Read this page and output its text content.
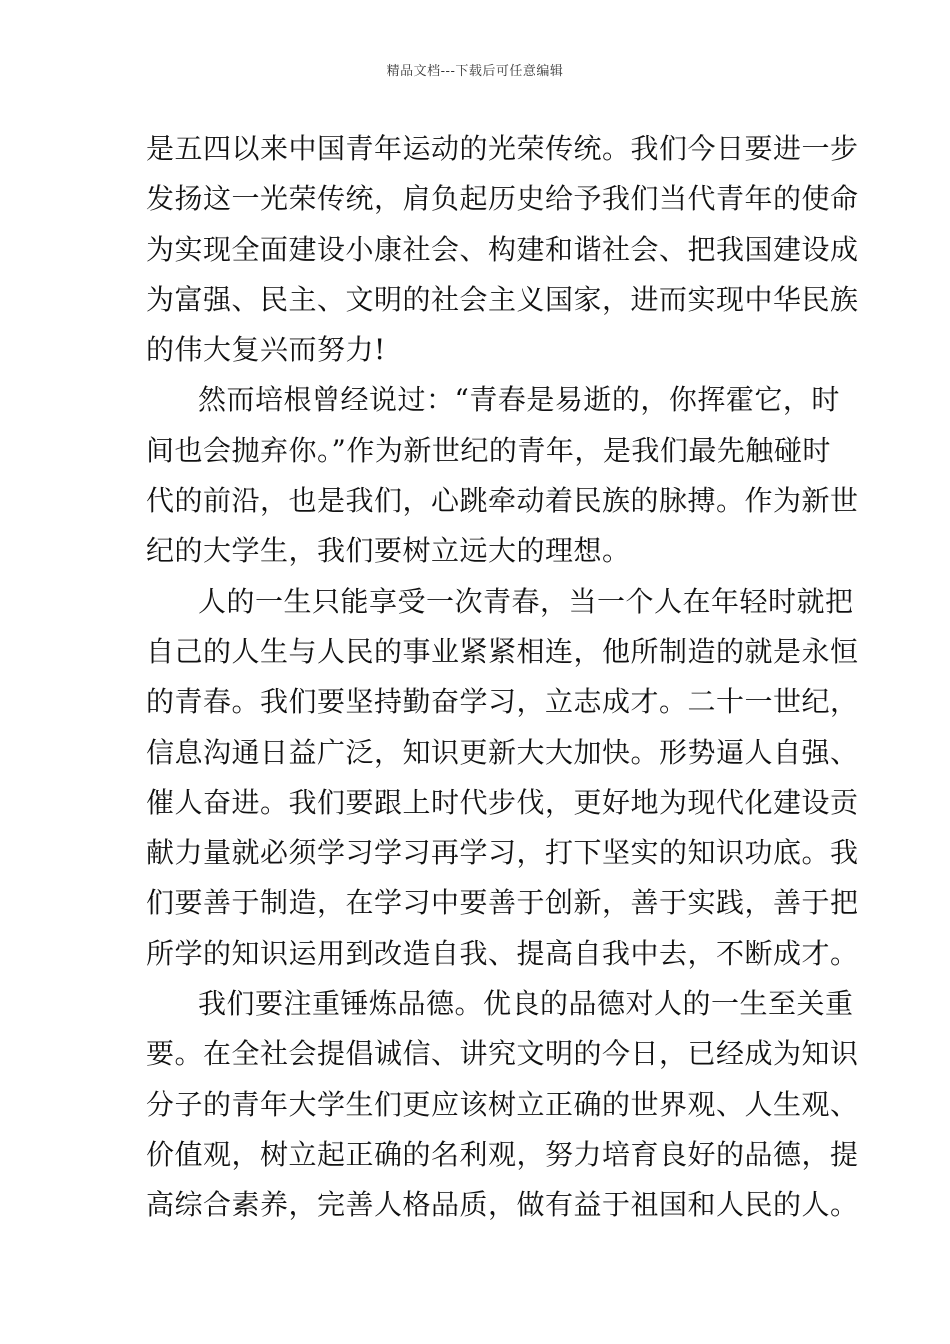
精品文档---下载后可任意编辑
是五四以来中国青年运动的光荣传统。我们今日要进一步
发扬这一光荣传统，肩负起历史给予我们当代青年的使命
为实现全面建设小康社会、构建和谐社会、把我国建设成
为富强、民主、文明的社会主义国家，进而实现中华民族
的伟大复兴而努力!
然而培根曾经说过：“青春是易逝的，你挥霍它，时
间也会抛弃你。”作为新世纪的青年，是我们最先触碰时
代的前沿，也是我们，心跳牵动着民族的脉搏。作为新世
纪的大学生，我们要树立远大的理想。
人的一生只能享受一次青春，当一个人在年轻时就把
自己的人生与人民的事业紧紧相连，他所制造的就是永恒
的青春。我们要坚持勤奋学习，立志成才。二十一世纪，
信息沟通日益广泛，知识更新大大加快。形势逼人自强、
催人奋进。我们要跟上时代步伐，更好地为现代化建设贡
献力量就必须学习学习再学习，打下坚实的知识功底。我
们要善于制造，在学习中要善于创新，善于实践，善于把
所学的知识运用到改造自我、提高自我中去，不断成才。
我们要注重锤炼品德。优良的品德对人的一生至关重
要。在全社会提倡诚信、讲究文明的今日，已经成为知识
分子的青年大学生们更应该树立正确的世界观、人生观、
价值观，树立起正确的名利观，努力培育良好的品德，提
高综合素养，完善人格品质，做有益于祖国和人民的人。
